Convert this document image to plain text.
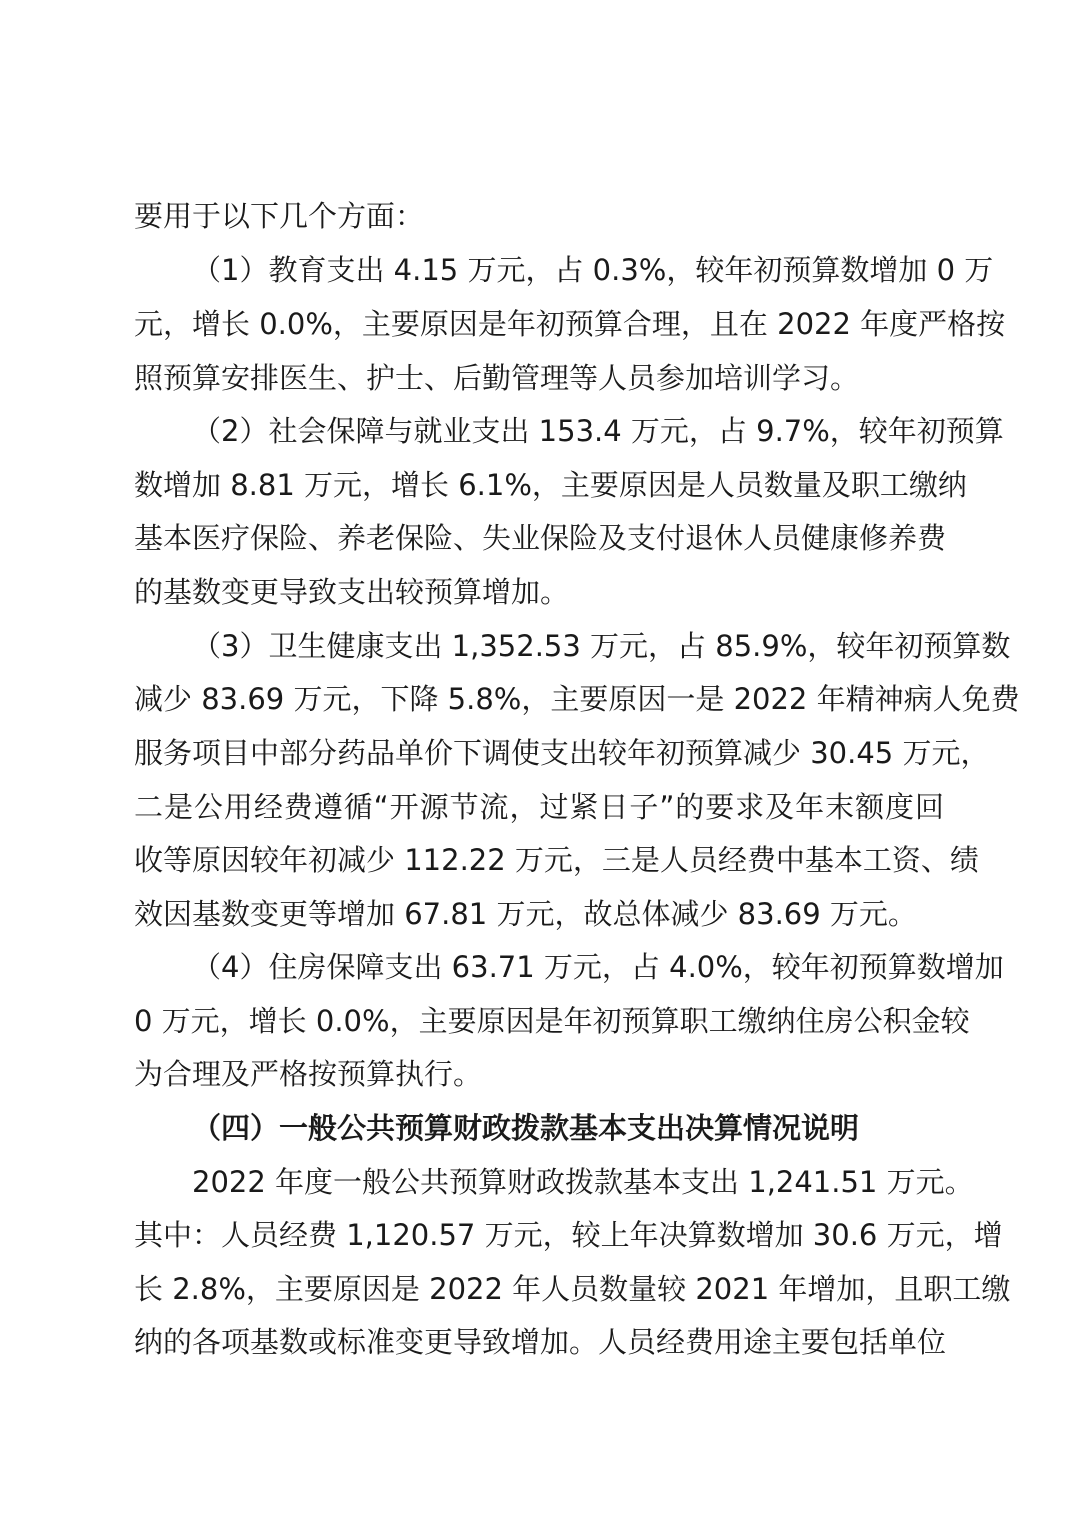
要用于以下几个方面：
（1）教育支出 4.15 万元，占 0.3%，较年初预算数增加 0 万
元，增长 0.0%，主要原因是年初预算合理，且在 2022 年度严格按
照预算安排医生、护士、后勤管理等人员参加培训学习。
（2）社会保障与就业支出 153.4 万元，占 9.7%，较年初预算
数增加 8.81 万元，增长 6.1%，主要原因是人员数量及职工缴纳
基本医疗保险、养老保险、失业保险及支付退休人员健康修养费
的基数变更导致支出较预算增加。
（3）卫生健康支出 1,352.53 万元，占 85.9%，较年初预算数
减少 83.69 万元，下降 5.8%，主要原因一是 2022 年精神病人免费
服务项目中部分药品单价下调使支出较年初预算减少 30.45 万元，
二是公用经费遵循“开源节流，过紧日子”的要求及年末额度回
收等原因较年初减少 112.22 万元，三是人员经费中基本工资、绩
效因基数变更等增加 67.81 万元，故总体减少 83.69 万元。
（4）住房保障支出 63.71 万元，占 4.0%，较年初预算数增加
0 万元，增长 0.0%，主要原因是年初预算职工缴纳住房公积金较
为合理及严格按预算执行。
（四）一般公共预算财政拨款基本支出决算情况说明
2022 年度一般公共预算财政拨款基本支出 1,241.51 万元。
其中：人员经费 1,120.57 万元，较上年决算数增加 30.6 万元，增
长 2.8%，主要原因是 2022 年人员数量较 2021 年增加，且职工缴
纳的各项基数或标准变更导致增加。人员经费用途主要包括单位
